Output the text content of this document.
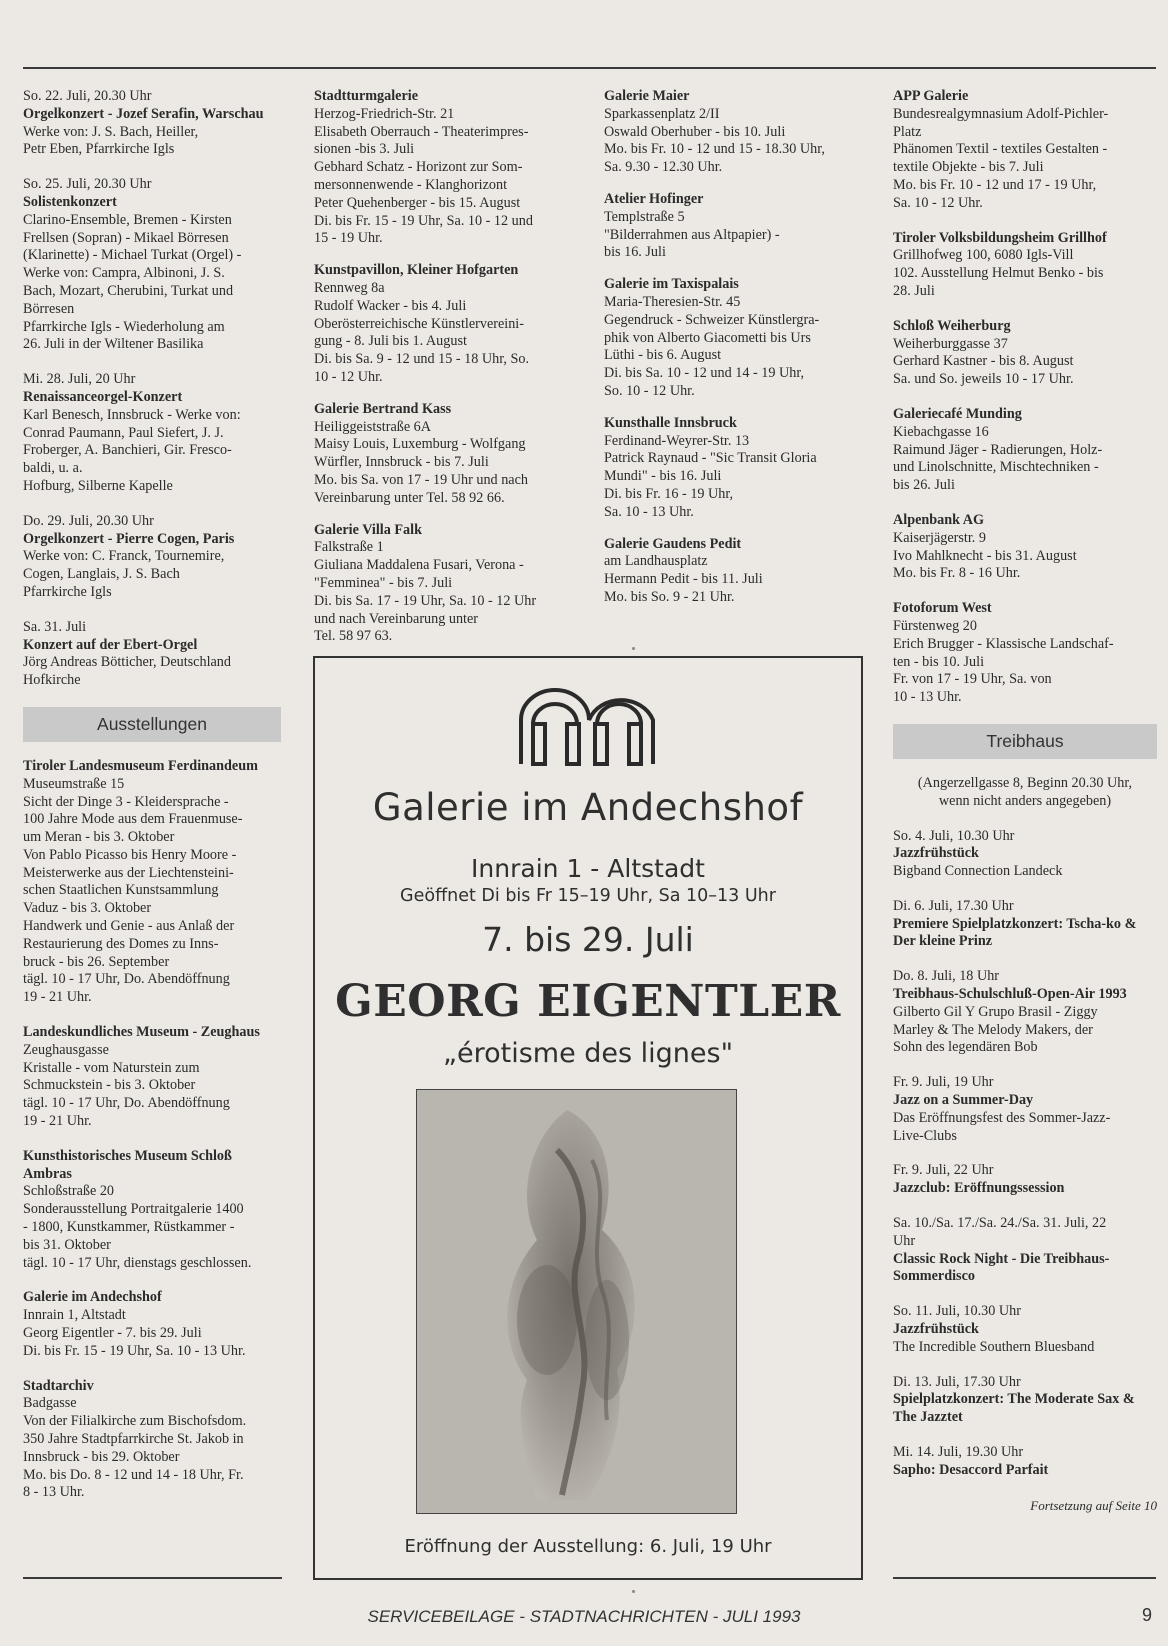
So. 22. Juli, 20.30 Uhr
Orgelkonzert - Jozef Serafin, Warschau
Werke von: J. S. Bach, Heiller,
Petr Eben, Pfarrkirche Igls
So. 25. Juli, 20.30 Uhr
Solistenkonzert
Clarino-Ensemble, Bremen - Kirsten
Frellsen (Sopran) - Mikael Börresen
(Klarinette) - Michael Turkat (Orgel) -
Werke von: Campra, Albinoni, J. S.
Bach, Mozart, Cherubini, Turkat und
Börresen
Pfarrkirche Igls - Wiederholung am
26. Juli in der Wiltener Basilika
Mi. 28. Juli, 20 Uhr
Renaissanceorgel-Konzert
Karl Benesch, Innsbruck - Werke von:
Conrad Paumann, Paul Siefert, J. J.
Froberger, A. Banchieri, Gir. Fresco-
baldi, u. a.
Hofburg, Silberne Kapelle
Do. 29. Juli, 20.30 Uhr
Orgelkonzert - Pierre Cogen, Paris
Werke von: C. Franck, Tournemire,
Cogen, Langlais, J. S. Bach
Pfarrkirche Igls
Sa. 31. Juli
Konzert auf der Ebert-Orgel
Jörg Andreas Bötticher, Deutschland
Hofkirche
Ausstellungen
Tiroler Landesmuseum Ferdinandeum
Museumstraße 15
Sicht der Dinge 3 - Kleidersprache -
100 Jahre Mode aus dem Frauenmuse-
um Meran - bis 3. Oktober
Von Pablo Picasso bis Henry Moore -
Meisterwerke aus der Liechtensteini-
schen Staatlichen Kunstsammlung
Vaduz - bis 3. Oktober
Handwerk und Genie - aus Anlaß der
Restaurierung des Domes zu Inns-
bruck - bis 26. September
tägl. 10 - 17 Uhr, Do. Abendöffnung
19 - 21 Uhr.
Landeskundliches Museum - Zeughaus
Zeughausgasse
Kristalle - vom Naturstein zum
Schmuckstein - bis 3. Oktober
tägl. 10 - 17 Uhr, Do. Abendöffnung
19 - 21 Uhr.
Kunsthistorisches Museum Schloß Ambras
Schloßstraße 20
Sonderausstellung Portraitgalerie 1400
- 1800, Kunstkammer, Rüstkammer -
bis 31. Oktober
tägl. 10 - 17 Uhr, dienstags geschlossen.
Galerie im Andechshof
Innrain 1, Altstadt
Georg Eigentler - 7. bis 29. Juli
Di. bis Fr. 15 - 19 Uhr, Sa. 10 - 13 Uhr.
Stadtarchiv
Badgasse
Von der Filialkirche zum Bischofsdom.
350 Jahre Stadtpfarrkirche St. Jakob in
Innsbruck - bis 29. Oktober
Mo. bis Do. 8 - 12 und 14 - 18 Uhr, Fr.
8 - 13 Uhr.
Stadtturmgalerie
Herzog-Friedrich-Str. 21
Elisabeth Oberrauch - Theaterimpres-
sionen -bis 3. Juli
Gebhard Schatz - Horizont zur Som-
mersonnenwende - Klanghorizont
Peter Quehenberger - bis 15. August
Di. bis Fr. 15 - 19 Uhr, Sa. 10 - 12 und
15 - 19 Uhr.
Kunstpavillon, Kleiner Hofgarten
Rennweg 8a
Rudolf Wacker - bis 4. Juli
Oberösterreichische Künstlervereini-
gung - 8. Juli bis 1. August
Di. bis Sa. 9 - 12 und 15 - 18 Uhr, So.
10 - 12 Uhr.
Galerie Bertrand Kass
Heiliggeiststraße 6A
Maisy Louis, Luxemburg - Wolfgang
Würfler, Innsbruck - bis 7. Juli
Mo. bis Sa. von 17 - 19 Uhr und nach
Vereinbarung unter Tel. 58 92 66.
Galerie Villa Falk
Falkstraße 1
Giuliana Maddalena Fusari, Verona -
"Femminea" - bis 7. Juli
Di. bis Sa. 17 - 19 Uhr, Sa. 10 - 12 Uhr
und nach Vereinbarung unter
Tel. 58 97 63.
Galerie Maier
Sparkassenplatz 2/II
Oswald Oberhuber - bis 10. Juli
Mo. bis Fr. 10 - 12 und 15 - 18.30 Uhr,
Sa. 9.30 - 12.30 Uhr.
Atelier Hofinger
Templstraße 5
"Bilderrahmen aus Altpapier) -
bis 16. Juli
Galerie im Taxispalais
Maria-Theresien-Str. 45
Gegendruck - Schweizer Künstlergra-
phik von Alberto Giacometti bis Urs
Lüthi - bis 6. August
Di. bis Sa. 10 - 12 und 14 - 19 Uhr,
So. 10 - 12 Uhr.
Kunsthalle Innsbruck
Ferdinand-Weyrer-Str. 13
Patrick Raynaud - "Sic Transit Gloria
Mundi" - bis 16. Juli
Di. bis Fr. 16 - 19 Uhr,
Sa. 10 - 13 Uhr.
Galerie Gaudens Pedit
am Landhausplatz
Hermann Pedit - bis 11. Juli
Mo. bis So. 9 - 21 Uhr.
APP Galerie
Bundesrealgymnasium Adolf-Pichler-
Platz
Phänomen Textil - textiles Gestalten -
textile Objekte - bis 7. Juli
Mo. bis Fr. 10 - 12 und 17 - 19 Uhr,
Sa. 10 - 12 Uhr.
Tiroler Volksbildungsheim Grillhof
Grillhofweg 100, 6080 Igls-Vill
102. Ausstellung Helmut Benko - bis
28. Juli
Schloß Weiherburg
Weiherburggasse 37
Gerhard Kastner - bis 8. August
Sa. und So. jeweils 10 - 17 Uhr.
Galeriecafé Munding
Kiebachgasse 16
Raimund Jäger - Radierungen, Holz-
und Linolschnitte, Mischtechniken -
bis 26. Juli
Alpenbank AG
Kaiserjägerstr. 9
Ivo Mahlknecht - bis 31. August
Mo. bis Fr. 8 - 16 Uhr.
Fotoforum West
Fürstenweg 20
Erich Brugger - Klassische Landschaf-
ten - bis 10. Juli
Fr. von 17 - 19 Uhr, Sa. von
10 - 13 Uhr.
Treibhaus
(Angerzellgasse 8, Beginn 20.30 Uhr,
wenn nicht anders angegeben)
So. 4. Juli, 10.30 Uhr
Jazzfrühstück
Bigband Connection Landeck
Di. 6. Juli, 17.30 Uhr
Premiere Spielplatzkonzert: Tscha-ko & Der kleine Prinz
Do. 8. Juli, 18 Uhr
Treibhaus-Schulschluß-Open-Air 1993
Gilberto Gil Y Grupo Brasil - Ziggy
Marley & The Melody Makers, der
Sohn des legendären Bob
Fr. 9. Juli, 19 Uhr
Jazz on a Summer-Day
Das Eröffnungsfest des Sommer-Jazz-
Live-Clubs
Fr. 9. Juli, 22 Uhr
Jazzclub: Eröffnungssession
Sa. 10./Sa. 17./Sa. 24./Sa. 31. Juli, 22
Uhr
Classic Rock Night - Die Treibhaus-Sommerdisco
So. 11. Juli, 10.30 Uhr
Jazzfrühstück
The Incredible Southern Bluesband
Di. 13. Juli, 17.30 Uhr
Spielplatzkonzert: The Moderate Sax & The Jazztet
Mi. 14. Juli, 19.30 Uhr
Sapho: Desaccord Parfait
Fortsetzung auf Seite 10
Galerie im Andechshof
Innrain 1 - Altstadt
Geöffnet Di bis Fr 15–19 Uhr, Sa 10–13 Uhr
7. bis 29. Juli
GEORG EIGENTLER
„érotisme des lignes"
Eröffnung der Ausstellung: 6. Juli, 19 Uhr
SERVICEBEILAGE - STADTNACHRICHTEN - JULI 1993	9
